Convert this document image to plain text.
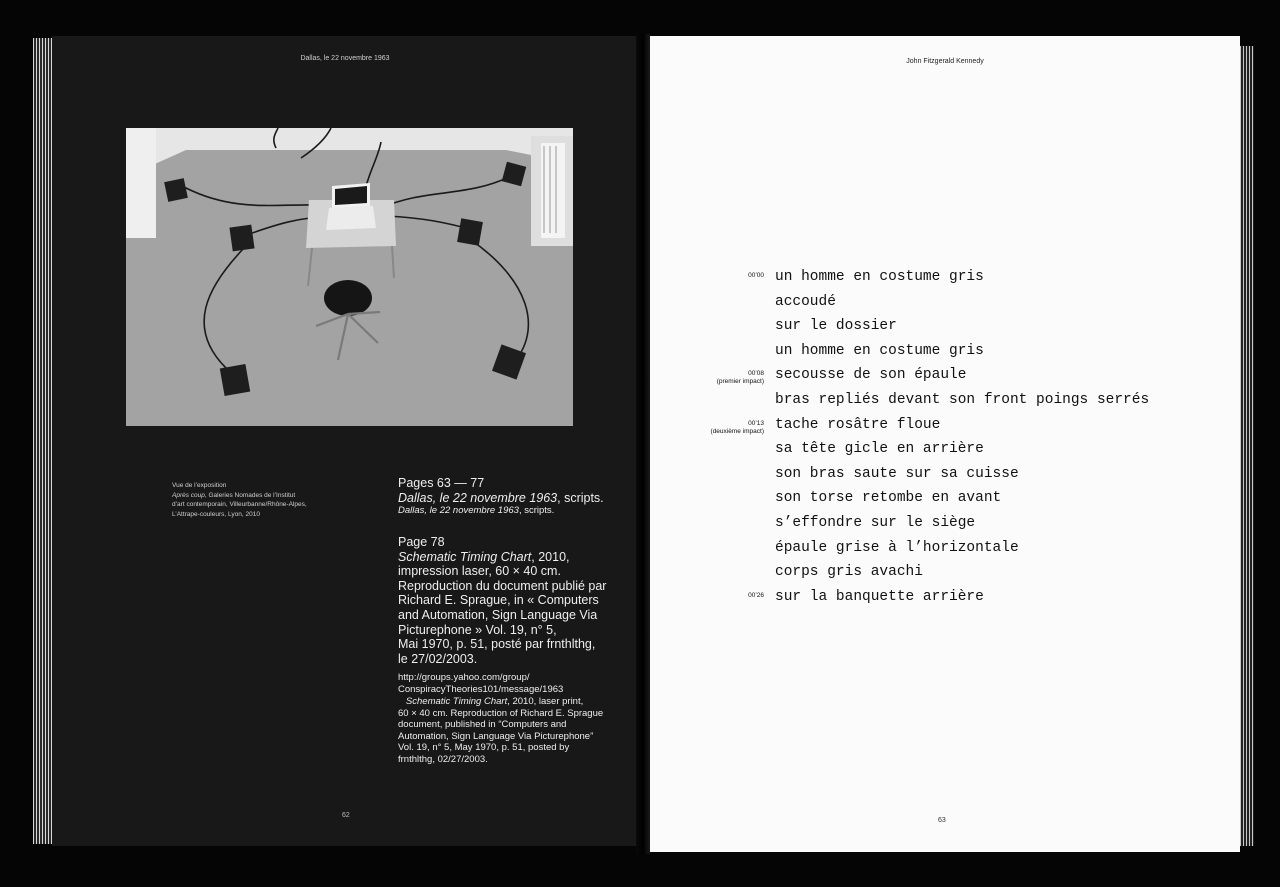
Dallas, le 22 novembre 1963	John Fitzgerald Kennedy
Vue de l’exposition
Après coup, Galeries Nomades de l’Institut
d’art contemporain, Villeurbanne/Rhône-Alpes,
L’Attrape-couleurs, Lyon, 2010
Pages 63 — 77
Dallas, le 22 novembre 1963, scripts.
Dallas, le 22 novembre 1963, scripts.
Page 78
Schematic Timing Chart, 2010,
impression laser, 60 × 40 cm.
Reproduction du document publié par
Richard E. Sprague, in « Computers
and Automation, Sign Language Via
Picturephone » Vol. 19, n° 5,
Mai 1970, p. 51, posté par frnthlthg,
le 27/02/2003.
http://groups.yahoo.com/group/
ConspiracyTheories101/message/1963
Schematic Timing Chart, 2010, laser print,
60 × 40 cm. Reproduction of Richard E. Sprague
document, published in “Computers and
Automation, Sign Language Via Picturephone”
Vol. 19, n° 5, May 1970, p. 51, posted by
frnthlthg, 02/27/2003.
62
63
00’00 un homme en costume gris
accoudé
sur le dossier
un homme en costume gris
00’08
(premier impact) secousse de son épaule
bras repliés devant son front poings serrés
00’13
(deuxième impact) tache rosâtre floue
sa tête gicle en arrière
son bras saute sur sa cuisse
son torse retombe en avant
s’effondre sur le siège
épaule grise à l’horizontale
corps gris avachi
00’26 sur la banquette arrière
